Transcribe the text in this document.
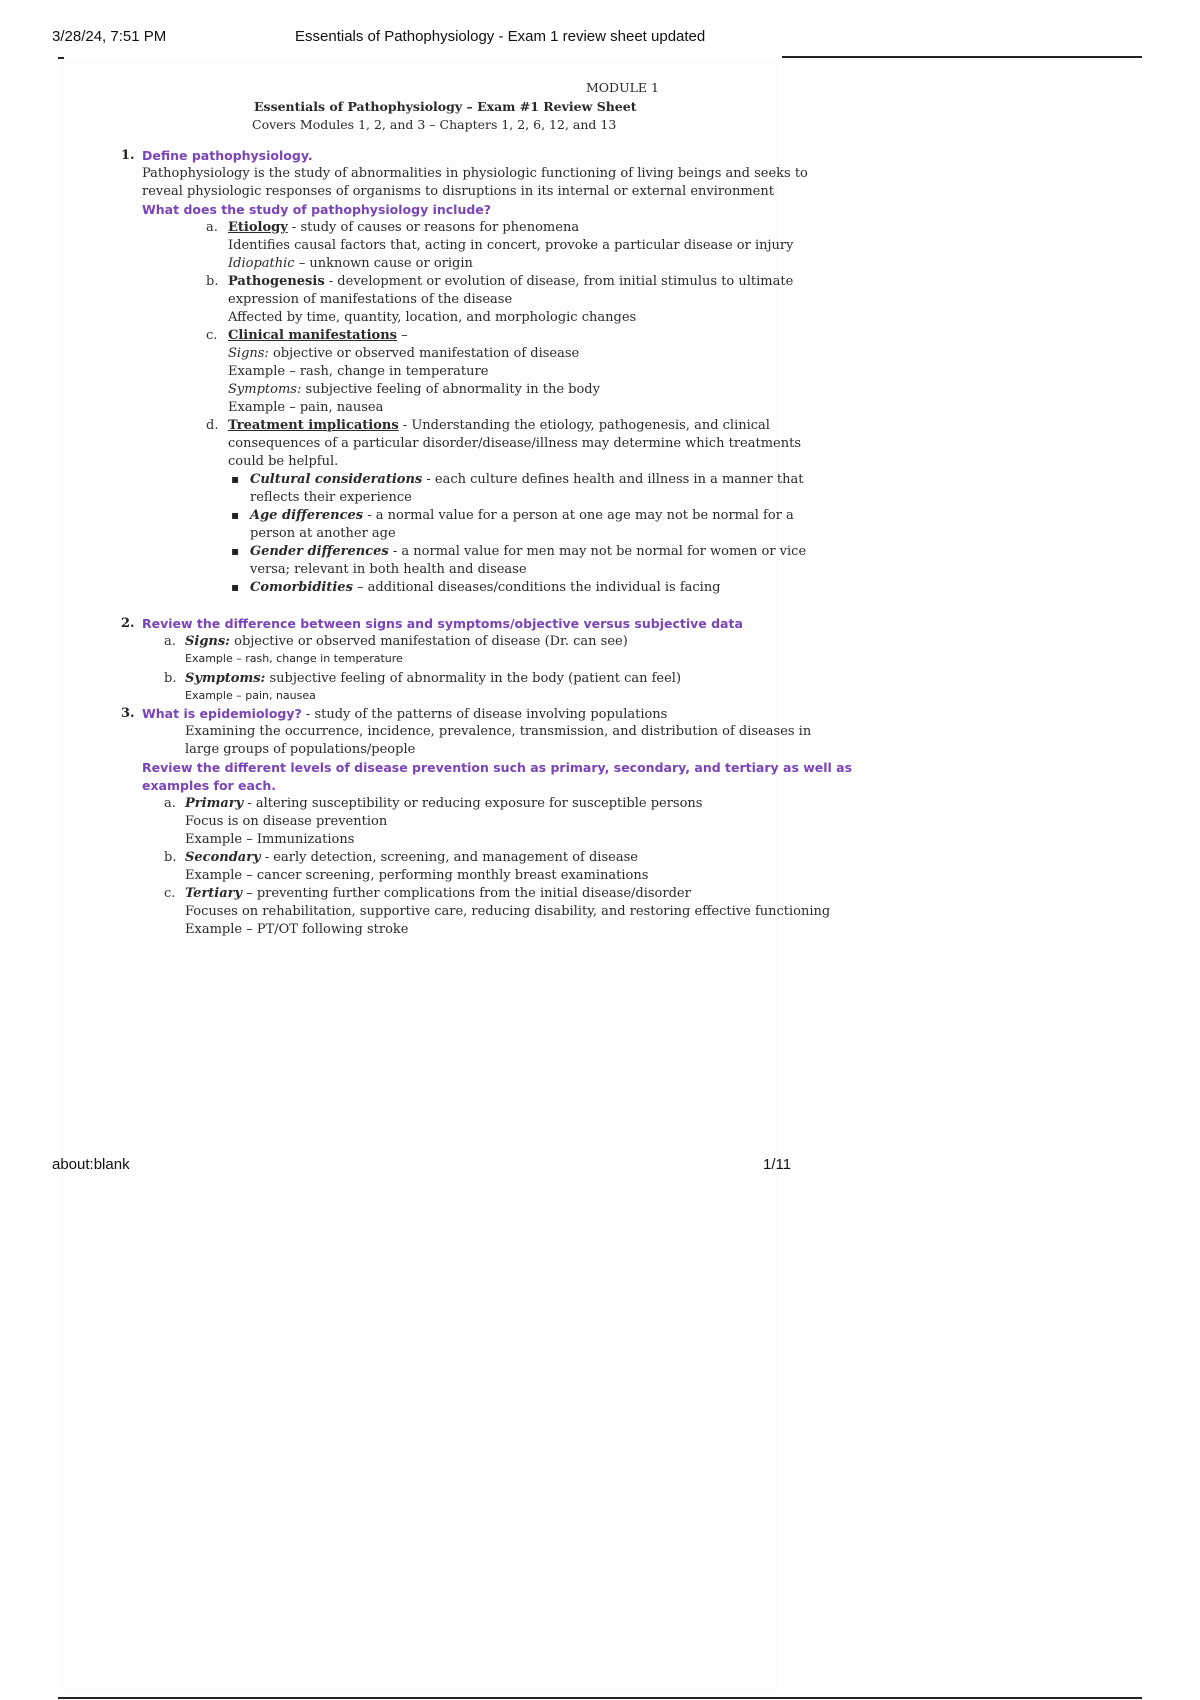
3/28/24, 7:51 PM	Essentials of Pathophysiology - Exam 1 review sheet updated
MODULE 1
Essentials of Pathophysiology – Exam #1 Review Sheet
Covers Modules 1, 2, and 3 – Chapters 1, 2, 6, 12, and 13
1. Define pathophysiology.
Pathophysiology is the study of abnormalities in physiologic functioning of living beings and seeks to
reveal physiologic responses of organisms to disruptions in its internal or external environment
What does the study of pathophysiology include?
a. Etiology - study of causes or reasons for phenomena
Identifies causal factors that, acting in concert, provoke a particular disease or injury
Idiopathic – unknown cause or origin
b. Pathogenesis - development or evolution of disease, from initial stimulus to ultimate
expression of manifestations of the disease
Affected by time, quantity, location, and morphologic changes
c. Clinical manifestations –
Signs: objective or observed manifestation of disease
Example – rash, change in temperature
Symptoms: subjective feeling of abnormality in the body
Example – pain, nausea
d. Treatment implications - Understanding the etiology, pathogenesis, and clinical
consequences of a particular disorder/disease/illness may determine which treatments
could be helpful.
▪ Cultural considerations - each culture defines health and illness in a manner that
reflects their experience
▪ Age differences - a normal value for a person at one age may not be normal for a
person at another age
▪ Gender differences - a normal value for men may not be normal for women or vice
versa; relevant in both health and disease
▪ Comorbidities – additional diseases/conditions the individual is facing
2. Review the difference between signs and symptoms/objective versus subjective data
a. Signs: objective or observed manifestation of disease (Dr. can see)
Example – rash, change in temperature
b. Symptoms: subjective feeling of abnormality in the body (patient can feel)
Example – pain, nausea
3. What is epidemiology? - study of the patterns of disease involving populations
Examining the occurrence, incidence, prevalence, transmission, and distribution of diseases in
large groups of populations/people
Review the different levels of disease prevention such as primary, secondary, and tertiary as well as
examples for each.
a. Primary - altering susceptibility or reducing exposure for susceptible persons
Focus is on disease prevention
Example – Immunizations
b. Secondary - early detection, screening, and management of disease
Example – cancer screening, performing monthly breast examinations
c. Tertiary – preventing further complications from the initial disease/disorder
Focuses on rehabilitation, supportive care, reducing disability, and restoring effective functioning
Example – PT/OT following stroke
about:blank	1/11
